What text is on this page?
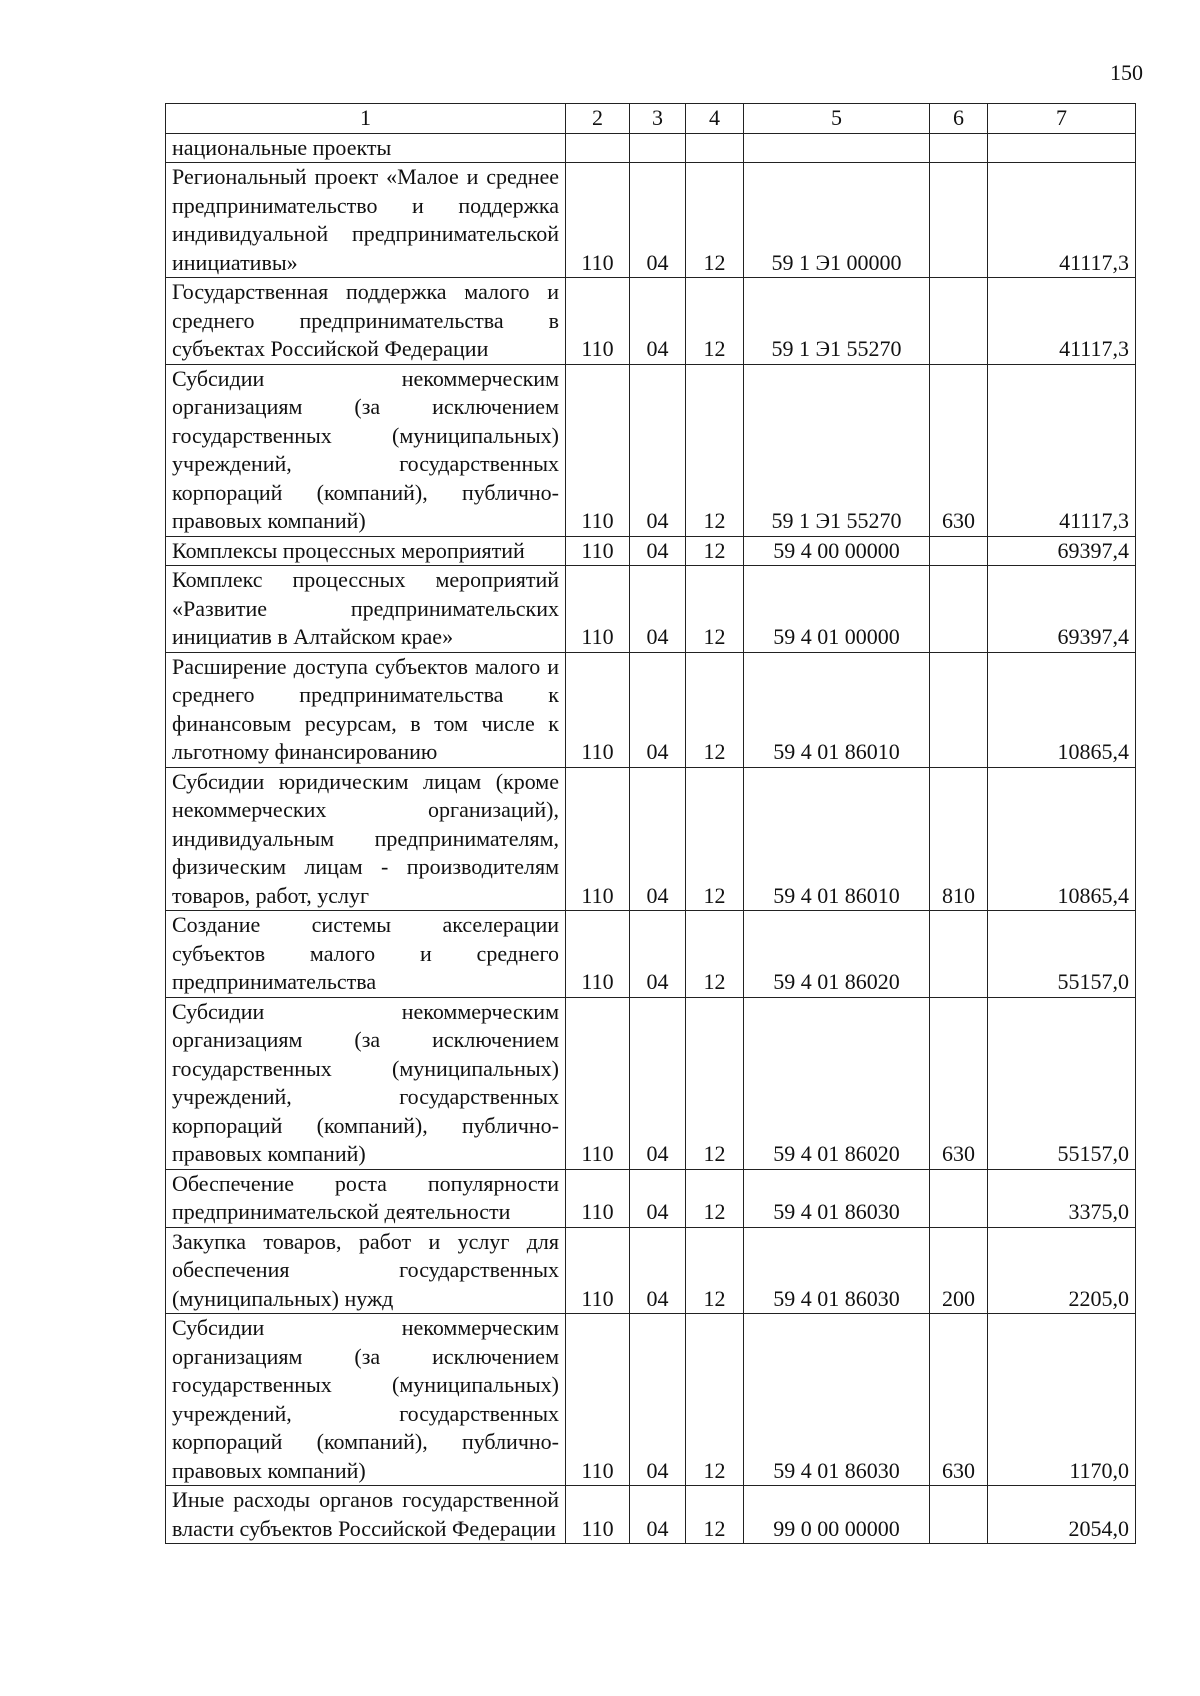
150
1	2	3	4	5	6	7
национальные проекты						
Региональный проект «Малое и среднее предпринимательство и поддержка индивидуальной предпринимательской инициативы»	110	04	12	59 1 Э1 00000		41117,3
Государственная поддержка малого и среднего предпринимательства в субъектах Российской Федерации	110	04	12	59 1 Э1 55270		41117,3
Субсидии некоммерческим организациям (за исключением государственных (муниципальных) учреждений, государственных корпораций (компаний), публично-правовых компаний)	110	04	12	59 1 Э1 55270	630	41117,3
Комплексы процессных мероприятий	110	04	12	59 4 00 00000		69397,4
Комплекс процессных мероприятий «Развитие предпринимательских инициатив в Алтайском крае»	110	04	12	59 4 01 00000		69397,4
Расширение доступа субъектов малого и среднего предпринимательства к финансовым ресурсам, в том числе к льготному финансированию	110	04	12	59 4 01 86010		10865,4
Субсидии юридическим лицам (кроме некоммерческих организаций), индивидуальным предпринимателям, физическим лицам - производителям товаров, работ, услуг	110	04	12	59 4 01 86010	810	10865,4
Создание системы акселерации субъектов малого и среднего предпринимательства	110	04	12	59 4 01 86020		55157,0
Субсидии некоммерческим организациям (за исключением государственных (муниципальных) учреждений, государственных корпораций (компаний), публично-правовых компаний)	110	04	12	59 4 01 86020	630	55157,0
Обеспечение роста популярности предпринимательской деятельности	110	04	12	59 4 01 86030		3375,0
Закупка товаров, работ и услуг для обеспечения государственных (муниципальных) нужд	110	04	12	59 4 01 86030	200	2205,0
Субсидии некоммерческим организациям (за исключением государственных (муниципальных) учреждений, государственных корпораций (компаний), публично-правовых компаний)	110	04	12	59 4 01 86030	630	1170,0
Иные расходы органов государственной власти субъектов Российской Федерации	110	04	12	99 0 00 00000		2054,0
